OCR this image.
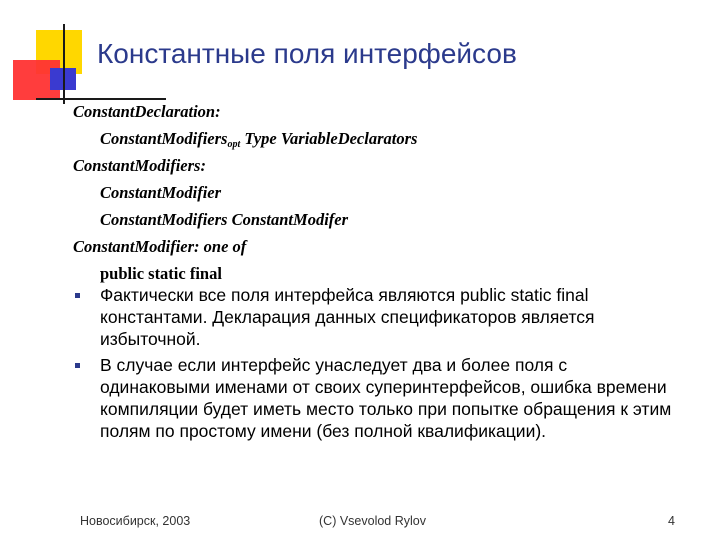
Константные поля интерфейсов
ConstantDeclaration:
ConstantModifiers$_{opt}$ Type VariableDeclarators
ConstantModifiers:
ConstantModifier
ConstantModifiers ConstantModifer
ConstantModifier: one of
public static final
Фактически все поля интерфейса являются public static final константами. Декларация данных спецификаторов является избыточной.
В случае если интерфейс унаследует два и более поля с одинаковыми именами от своих суперинтерфейсов, ошибка времени компиляции будет иметь место только при попытке обращения к этим полям по простому имени (без полной квалификации).
Новосибирск, 2003	(C) Vsevolod Rylov	4
